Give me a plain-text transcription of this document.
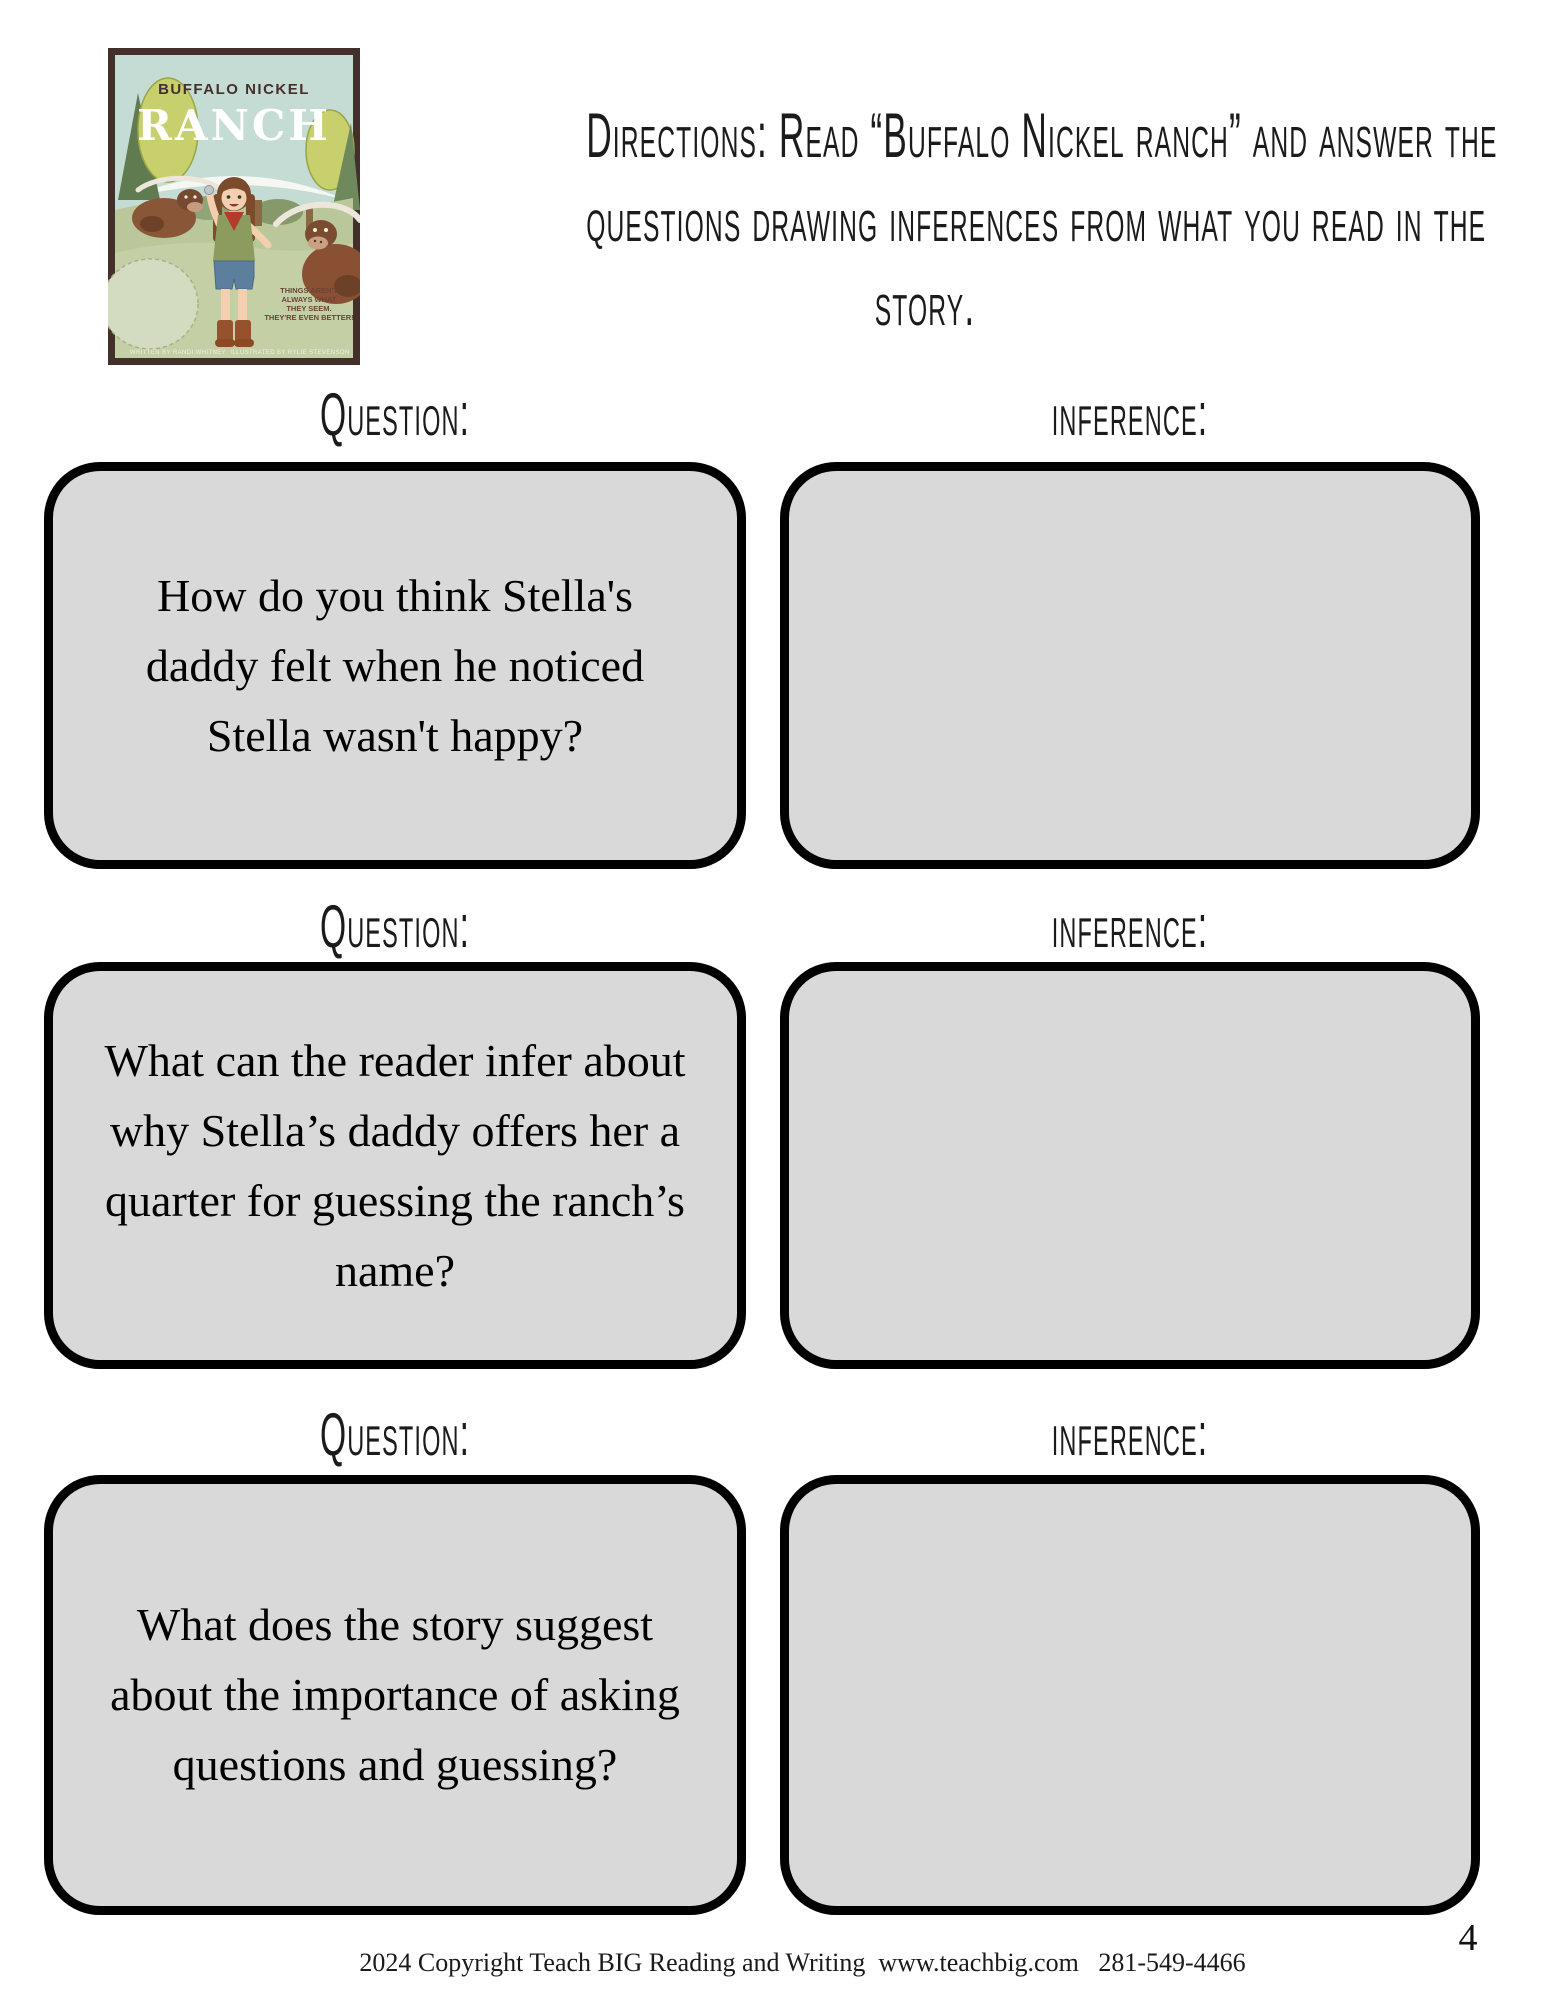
BUFFALO NICKEL
RANCH
THINGS AREN'T
ALWAYS WHAT
THEY SEEM.
THEY'RE EVEN BETTER!
WRITTEN BY RANDI WHITNEY ILLUSTRATED BY RYLIE STEVENSON
Directions: Read “Buffalo Nickel ranch” and answer the
questions drawing inferences from what you read in the
story.
Question:	inference:
How do you think Stella's
daddy felt when he noticed
Stella wasn't happy?
Question:	inference:
What can the reader infer about
why Stella’s daddy offers her a
quarter for guessing the ranch’s
name?
Question:	inference:
What does the story suggest
about the importance of asking
questions and guessing?
2024 Copyright Teach BIG Reading and Writing  www.teachbig.com   281-549-4466
4
